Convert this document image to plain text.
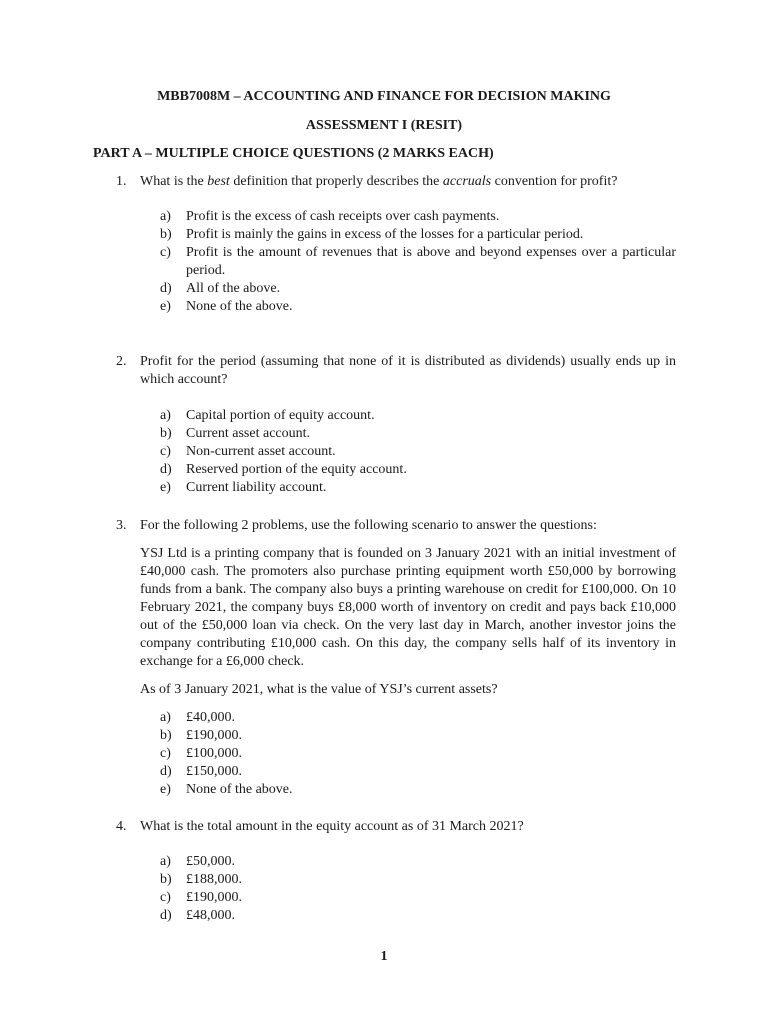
MBB7008M – ACCOUNTING AND FINANCE FOR DECISION MAKING
ASSESSMENT I (RESIT)
PART A – MULTIPLE CHOICE QUESTIONS (2 MARKS EACH)
1. What is the best definition that properly describes the accruals convention for profit?
a) Profit is the excess of cash receipts over cash payments.
b) Profit is mainly the gains in excess of the losses for a particular period.
c) Profit is the amount of revenues that is above and beyond expenses over a particular period.
d) All of the above.
e) None of the above.
2. Profit for the period (assuming that none of it is distributed as dividends) usually ends up in which account?
a) Capital portion of equity account.
b) Current asset account.
c) Non-current asset account.
d) Reserved portion of the equity account.
e) Current liability account.
3. For the following 2 problems, use the following scenario to answer the questions:
YSJ Ltd is a printing company that is founded on 3 January 2021 with an initial investment of £40,000 cash. The promoters also purchase printing equipment worth £50,000 by borrowing funds from a bank. The company also buys a printing warehouse on credit for £100,000. On 10 February 2021, the company buys £8,000 worth of inventory on credit and pays back £10,000 out of the £50,000 loan via check. On the very last day in March, another investor joins the company contributing £10,000 cash. On this day, the company sells half of its inventory in exchange for a £6,000 check.
As of 3 January 2021, what is the value of YSJ’s current assets?
a) £40,000.
b) £190,000.
c) £100,000.
d) £150,000.
e) None of the above.
4. What is the total amount in the equity account as of 31 March 2021?
a) £50,000.
b) £188,000.
c) £190,000.
d) £48,000.
1
